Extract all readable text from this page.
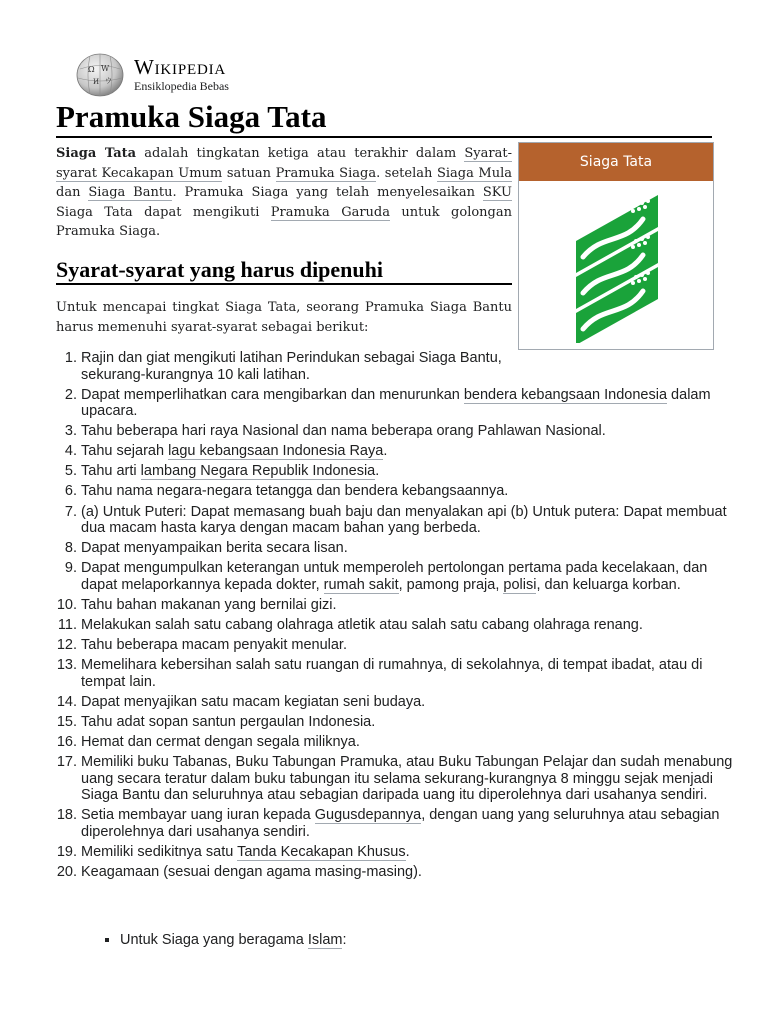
Ω W
И ウ
Wikipedia
Ensiklopedia Bebas
Pramuka Siaga Tata

Siaga Tata adalah tingkatan ketiga atau terakhir dalam Syarat-syarat Kecakapan Umum satuan Pramuka Siaga. setelah Siaga Mula dan Siaga Bantu. Pramuka Siaga yang telah menyelesaikan SKU Siaga Tata dapat mengikuti Pramuka Garuda untuk golongan Pramuka Siaga.

Syarat-syarat yang harus dipenuhi

Untuk mencapai tingkat Siaga Tata, seorang Pramuka Siaga Bantu harus memenuhi syarat-syarat sebagai berikut:

Siaga Tata
1. Rajin dan giat mengikuti latihan Perindukan sebagai Siaga Bantu, sekurang-kurangnya 10 kali latihan.
2. Dapat memperlihatkan cara mengibarkan dan menurunkan bendera kebangsaan Indonesia dalam upacara.
3. Tahu beberapa hari raya Nasional dan nama beberapa orang Pahlawan Nasional.
4. Tahu sejarah lagu kebangsaan Indonesia Raya.
5. Tahu arti lambang Negara Republik Indonesia.
6. Tahu nama negara-negara tetangga dan bendera kebangsaannya.
7. (a) Untuk Puteri: Dapat memasang buah baju dan menyalakan api (b) Untuk putera: Dapat membuat dua macam hasta karya dengan macam bahan yang berbeda.
8. Dapat menyampaikan berita secara lisan.
9. Dapat mengumpulkan keterangan untuk memperoleh pertolongan pertama pada kecelakaan, dan dapat melaporkannya kepada dokter, rumah sakit, pamong praja, polisi, dan keluarga korban.
10. Tahu bahan makanan yang bernilai gizi.
11. Melakukan salah satu cabang olahraga atletik atau salah satu cabang olahraga renang.
12. Tahu beberapa macam penyakit menular.
13. Memelihara kebersihan salah satu ruangan di rumahnya, di sekolahnya, di tempat ibadat, atau di tempat lain.
14. Dapat menyajikan satu macam kegiatan seni budaya.
15. Tahu adat sopan santun pergaulan Indonesia.
16. Hemat dan cermat dengan segala miliknya.
17. Memiliki buku Tabanas, Buku Tabungan Pramuka, atau Buku Tabungan Pelajar dan sudah menabung uang secara teratur dalam buku tabungan itu selama sekurang-kurangnya 8 minggu sejak menjadi Siaga Bantu dan seluruhnya atau sebagian daripada uang itu diperolehnya dari usahanya sendiri.
18. Setia membayar uang iuran kepada Gugusdepannya, dengan uang yang seluruhnya atau sebagian diperolehnya dari usahanya sendiri.
19. Memiliki sedikitnya satu Tanda Kecakapan Khusus.
20. Keagamaan (sesuai dengan agama masing-masing).
▪ Untuk Siaga yang beragama Islam:
